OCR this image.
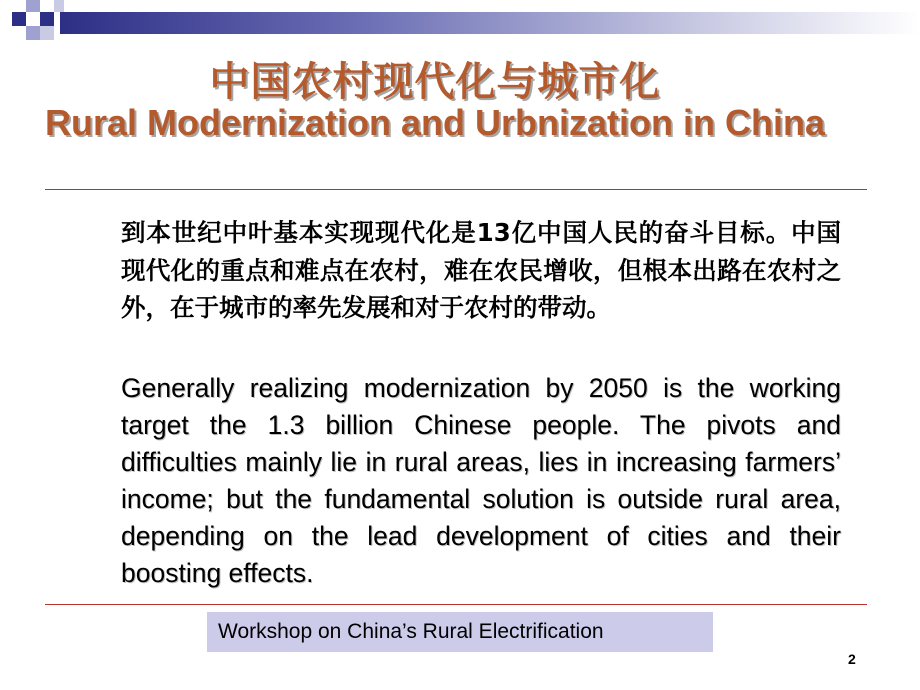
中国农村现代化与城市化
Rural Modernization and Urbnization in China
到本世纪中叶基本实现现代化是13亿中国人民的奋斗目标。中国现代化的重点和难点在农村，难在农民增收，但根本出路在农村之外，在于城市的率先发展和对于农村的带动。
Generally realizing modernization by 2050 is the working target the 1.3 billion Chinese people. The pivots and difficulties mainly lie in rural areas, lies in increasing farmers’ income; but the fundamental solution is outside rural area, depending on the lead development of cities and their boosting effects.
Workshop on China’s Rural Electrification
2
